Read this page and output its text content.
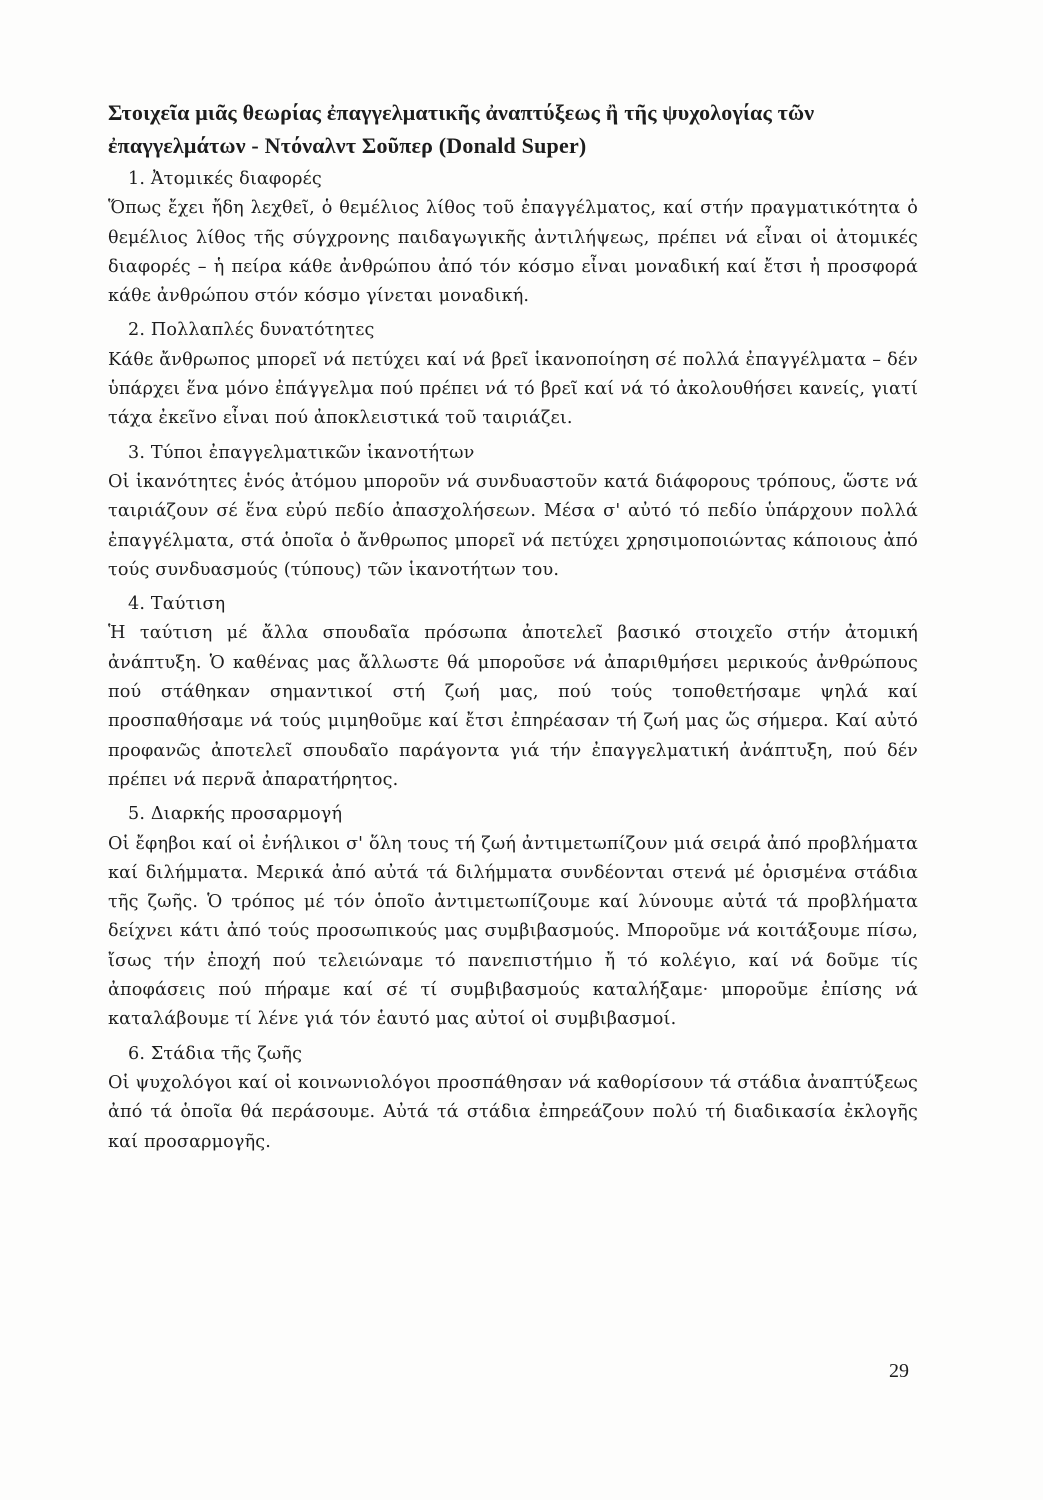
Στοιχεῖα μιᾶς θεωρίας ἐπαγγελματικῆς ἀναπτύξεως ἢ τῆς ψυχολογίας τῶν ἐπαγγελμάτων - Ντόναλντ Σοῦπερ (Donald Super)

1. Ἀτομικές διαφορές

Ὅπως ἔχει ἤδη λεχθεῖ, ὁ θεμέλιος λίθος τοῦ ἐπαγγέλματος, καί στήν πραγματικότητα ὁ θεμέλιος λίθος τῆς σύγχρονης παιδαγωγικῆς ἀντιλήψεως, πρέπει νά εἶναι οἱ ἀτομικές διαφορές – ἡ πείρα κάθε ἀνθρώπου ἀπό τόν κόσμο εἶναι μοναδική καί ἔτσι ἡ προσφορά κάθε ἀνθρώπου στόν κόσμο γίνεται μοναδική.

2. Πολλαπλές δυνατότητες

Κάθε ἄνθρωπος μπορεῖ νά πετύχει καί νά βρεῖ ἱκανοποίηση σέ πολλά ἐπαγγέλματα – δέν ὑπάρχει ἕνα μόνο ἐπάγγελμα πού πρέπει νά τό βρεῖ καί νά τό ἀκολουθήσει κανείς, γιατί τάχα ἐκεῖνο εἶναι πού ἀποκλειστικά τοῦ ταιριάζει.

3. Τύποι ἐπαγγελματικῶν ἱκανοτήτων

Οἱ ἱκανότητες ἑνός ἀτόμου μποροῦν νά συνδυαστοῦν κατά διάφορους τρόπους, ὥστε νά ταιριάζουν σέ ἕνα εὐρύ πεδίο ἀπασχολήσεων. Μέσα σ' αὐτό τό πεδίο ὑπάρχουν πολλά ἐπαγγέλματα, στά ὁποῖα ὁ ἄνθρωπος μπορεῖ νά πετύχει χρησιμοποιώντας κάποιους ἀπό τούς συνδυασμούς (τύπους) τῶν ἱκανοτήτων του.

4. Ταύτιση

Ἡ ταύτιση μέ ἄλλα σπουδαῖα πρόσωπα ἀποτελεῖ βασικό στοιχεῖο στήν ἀτομική ἀνάπτυξη. Ὁ καθένας μας ἄλλωστε θά μποροῦσε νά ἀπαριθμήσει μερικούς ἀνθρώπους πού στάθηκαν σημαντικοί στή ζωή μας, πού τούς τοποθετήσαμε ψηλά καί προσπαθήσαμε νά τούς μιμηθοῦμε καί ἔτσι ἐπηρέασαν τή ζωή μας ὥς σήμερα. Καί αὐτό προφανῶς ἀποτελεῖ σπουδαῖο παράγοντα γιά τήν ἐπαγγελματική ἀνάπτυξη, πού δέν πρέπει νά περνᾶ ἀπαρατήρητος.

5. Διαρκής προσαρμογή

Οἱ ἔφηβοι καί οἱ ἐνήλικοι σ' ὅλη τους τή ζωή ἀντιμετωπίζουν μιά σειρά ἀπό προβλήματα καί διλήμματα. Μερικά ἀπό αὐτά τά διλήμματα συνδέονται στενά μέ ὁρισμένα στάδια τῆς ζωῆς. Ὁ τρόπος μέ τόν ὁποῖο ἀντιμετωπίζουμε καί λύνουμε αὐτά τά προβλήματα δείχνει κάτι ἀπό τούς προσωπικούς μας συμβιβασμούς. Μποροῦμε νά κοιτάξουμε πίσω, ἴσως τήν ἐποχή πού τελειώναμε τό πανεπιστήμιο ἤ τό κολέγιο, καί νά δοῦμε τίς ἀποφάσεις πού πήραμε καί σέ τί συμβιβασμούς καταλήξαμε· μποροῦμε ἐπίσης νά καταλάβουμε τί λένε γιά τόν ἑαυτό μας αὐτοί οἱ συμβιβασμοί.

6. Στάδια τῆς ζωῆς

Οἱ ψυχολόγοι καί οἱ κοινωνιολόγοι προσπάθησαν νά καθορίσουν τά στάδια ἀναπτύξεως ἀπό τά ὁποῖα θά περάσουμε. Αὐτά τά στάδια ἐπηρεάζουν πολύ τή διαδικασία ἐκλογῆς καί προσαρμογῆς.

29
